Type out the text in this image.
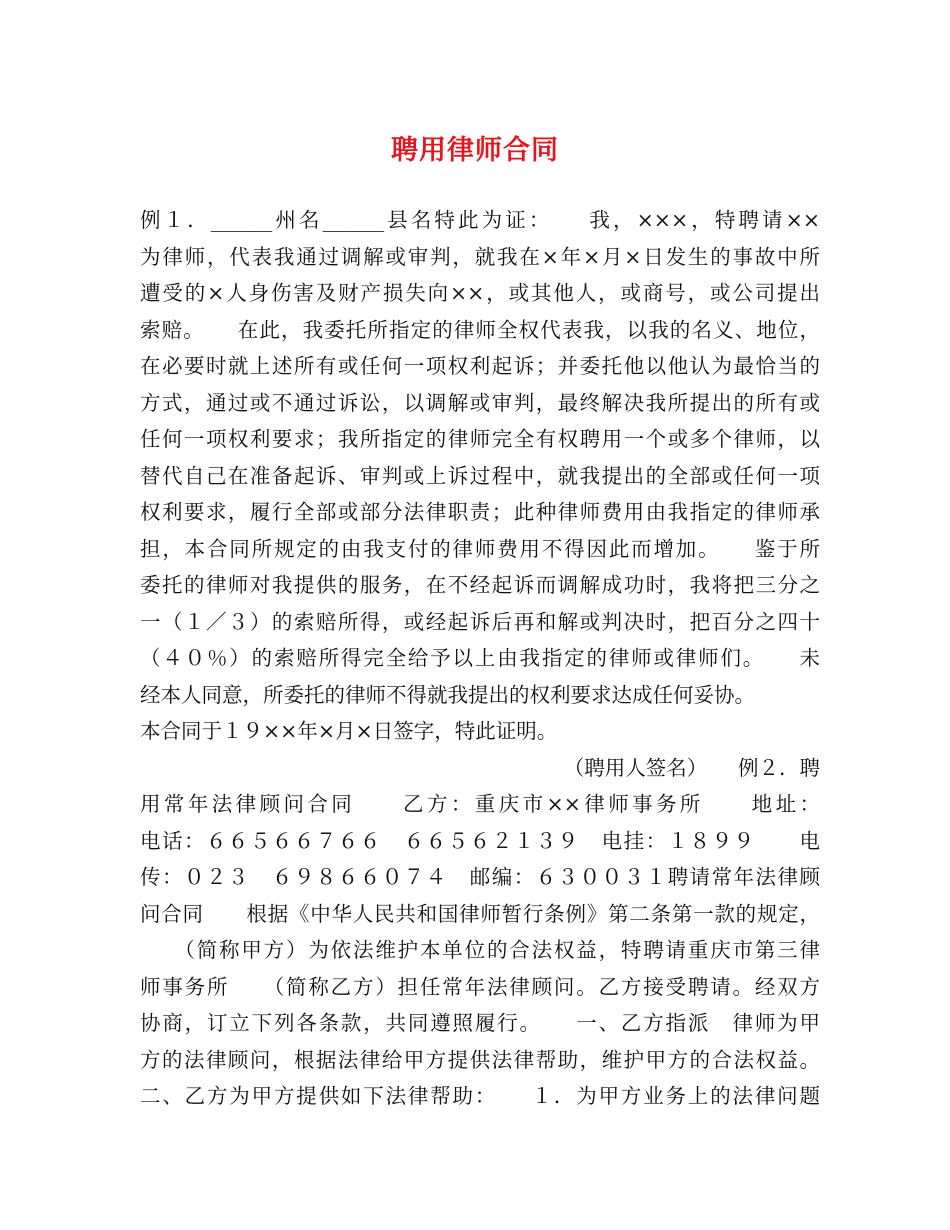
聘用律师合同
例１．______州名______县名特此为证：　　我，×××，特聘请××
为律师，代表我通过调解或审判，就我在×年×月×日发生的事故中所
遭受的×人身伤害及财产损失向××，或其他人，或商号，或公司提出
索赔。　　在此，我委托所指定的律师全权代表我，以我的名义、地位，
在必要时就上述所有或任何一项权利起诉；并委托他以他认为最恰当的
方式，通过或不通过诉讼，以调解或审判，最终解决我所提出的所有或
任何一项权利要求；我所指定的律师完全有权聘用一个或多个律师，以
替代自己在准备起诉、审判或上诉过程中，就我提出的全部或任何一项
权利要求，履行全部或部分法律职责；此种律师费用由我指定的律师承
担，本合同所规定的由我支付的律师费用不得因此而增加。　　鉴于所
委托的律师对我提供的服务，在不经起诉而调解成功时，我将把三分之
一（１／３）的索赔所得，或经起诉后再和解或判决时，把百分之四十
（４０％）的索赔所得完全给予以上由我指定的律师或律师们。　　未
经本人同意，所委托的律师不得就我提出的权利要求达成任何妥协。
本合同于１９××年×月×日签字，特此证明。
（聘用人签名）　　例２．聘
用常年法律顾问合同　　乙方：重庆市××律师事务所　　地址：
电话：６６５６６７６６　６６５６２１３９　电挂：１８９９　　电
传：０２３　６９８６６０７４　邮编：６３００３１聘请常年法律顾
问合同　　根据《中华人民共和国律师暂行条例》第二条第一款的规定，
　　（简称甲方）为依法维护本单位的合法权益，特聘请重庆市第三律
师事务所　　（简称乙方）担任常年法律顾问。乙方接受聘请。经双方
协商，订立下列各条款，共同遵照履行。　　一、乙方指派　律师为甲
方的法律顾问，根据法律给甲方提供法律帮助，维护甲方的合法权益。
二、乙方为甲方提供如下法律帮助：　　１．为甲方业务上的法律问题
